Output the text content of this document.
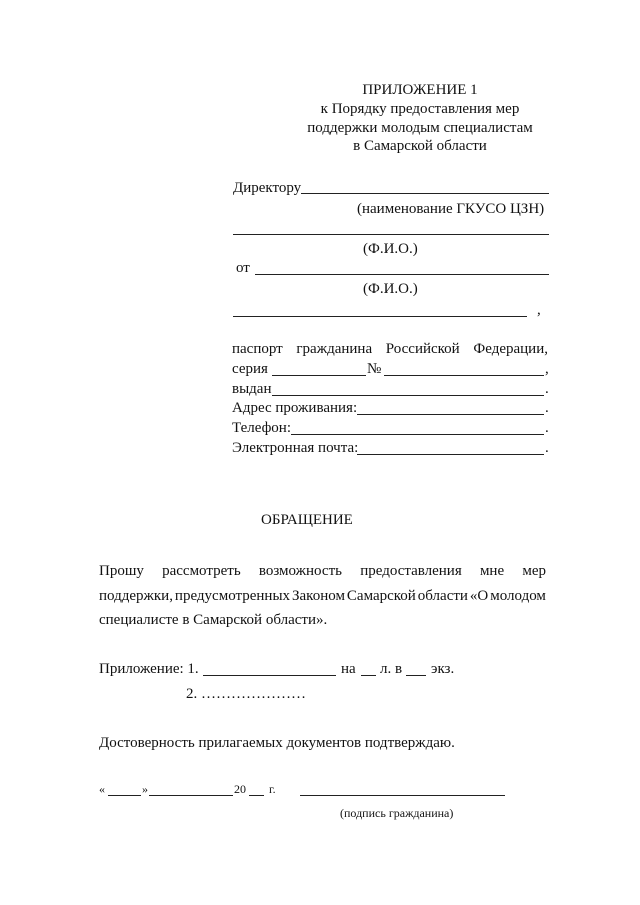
ПРИЛОЖЕНИЕ 1
к Порядку предоставления мер
поддержки молодым специалистам
в Самарской области
Директору
(наименование ГКУСО ЦЗН)
(Ф.И.О.)
от
(Ф.И.О.)
,
паспорт гражданина Российской Федерации,
серия	№	,
выдан	.
Адрес проживания:	.
Телефон:	.
Электронная почта:	.
ОБРАЩЕНИЕ
Прошу рассмотреть возможность предоставления мне мер
поддержки, предусмотренных Законом Самарской области «О молодом
специалисте в Самарской области».
Приложение: 1.	на л. в экз.
2. …………………
Достоверность прилагаемых документов подтверждаю.
«	»	20 г.
(подпись гражданина)
